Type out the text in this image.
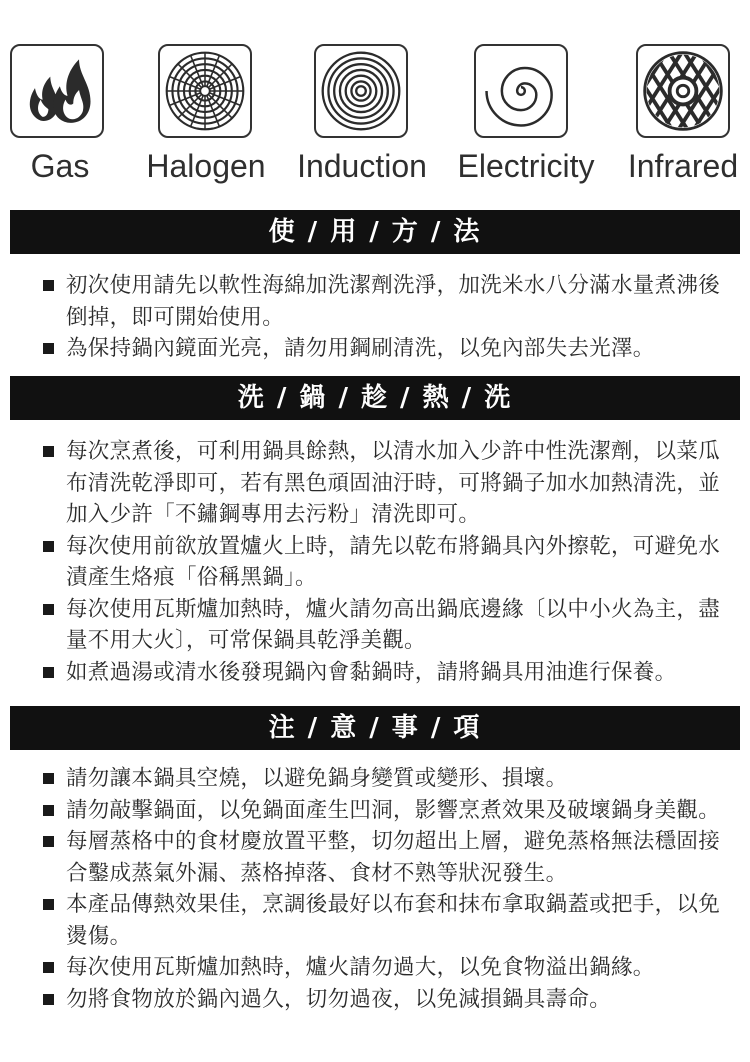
Gas Halogen Induction Electricity Infrared
使 / 用 / 方 / 法
初次使用請先以軟性海綿加洗潔劑洗淨，加洗米水八分滿水量煮沸後倒掉，即可開始使用。
為保持鍋內鏡面光亮，請勿用鋼刷清洗，以免內部失去光澤。
洗 / 鍋 / 趁 / 熱 / 洗
每次烹煮後，可利用鍋具餘熱，以清水加入少許中性洗潔劑，以菜瓜布清洗乾淨即可，若有黑色頑固油汙時，可將鍋子加水加熱清洗，並加入少許「不鏽鋼專用去污粉」清洗即可。
每次使用前欲放置爐火上時，請先以乾布將鍋具內外擦乾，可避免水漬產生烙痕「俗稱黑鍋」。
每次使用瓦斯爐加熱時，爐火請勿高出鍋底邊緣〔以中小火為主，盡量不用大火〕，可常保鍋具乾淨美觀。
如煮過湯或清水後發現鍋內會黏鍋時，請將鍋具用油進行保養。
注 / 意 / 事 / 項
請勿讓本鍋具空燒，以避免鍋身變質或變形、損壞。
請勿敲擊鍋面，以免鍋面產生凹洞，影響烹煮效果及破壞鍋身美觀。
每層蒸格中的食材慶放置平整，切勿超出上層，避免蒸格無法穩固接合鑿成蒸氣外漏、蒸格掉落、食材不熟等狀況發生。
本產品傳熱效果佳，烹調後最好以布套和抹布拿取鍋蓋或把手，以免燙傷。
每次使用瓦斯爐加熱時，爐火請勿過大，以免食物溢出鍋緣。
勿將食物放於鍋內過久，切勿過夜，以免減損鍋具壽命。
